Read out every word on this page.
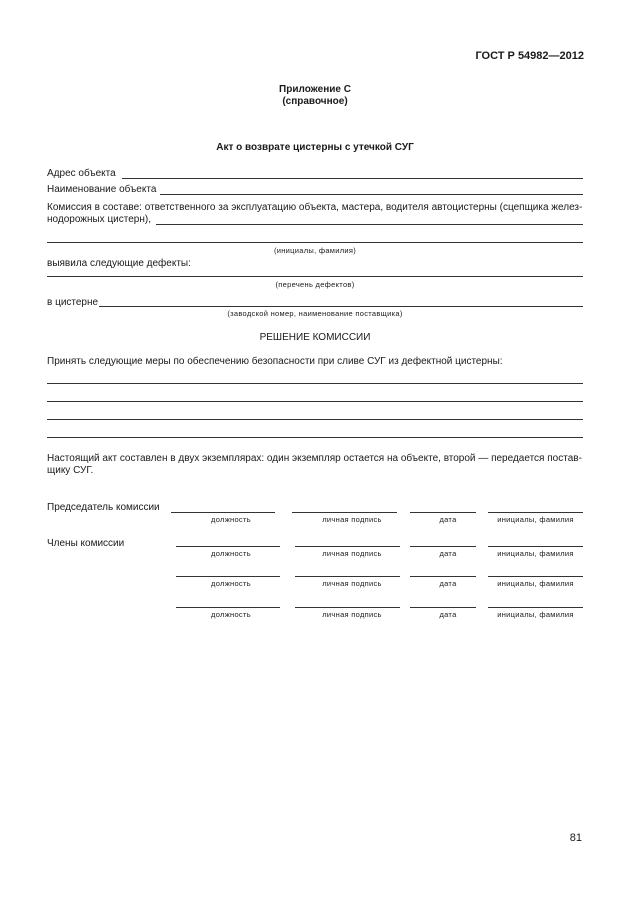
ГОСТ Р 54982—2012
Приложение С
(справочное)
Акт о возврате цистерны с утечкой СУГ
Адрес объекта
Наименование объекта
Комиссия в составе: ответственного за эксплуатацию объекта, мастера, водителя автоцистерны (сцепщика желез-
нодорожных цистерн),
(инициалы, фамилия)
выявила следующие дефекты:
(перечень дефектов)
в цистерне
(заводской номер, наименование поставщика)
РЕШЕНИЕ КОМИССИИ
Принять следующие меры по обеспечению безопасности при сливе СУГ из дефектной цистерны:
Настоящий акт составлен в двух экземплярах: один экземпляр остается на объекте, второй — передается постав-
щику СУГ.
Председатель комиссии
должность	личная подпись	дата	инициалы, фамилия
Члены комиссии
должность	личная подпись	дата	инициалы, фамилия
должность	личная подпись	дата	инициалы, фамилия
должность	личная подпись	дата	инициалы, фамилия
81
